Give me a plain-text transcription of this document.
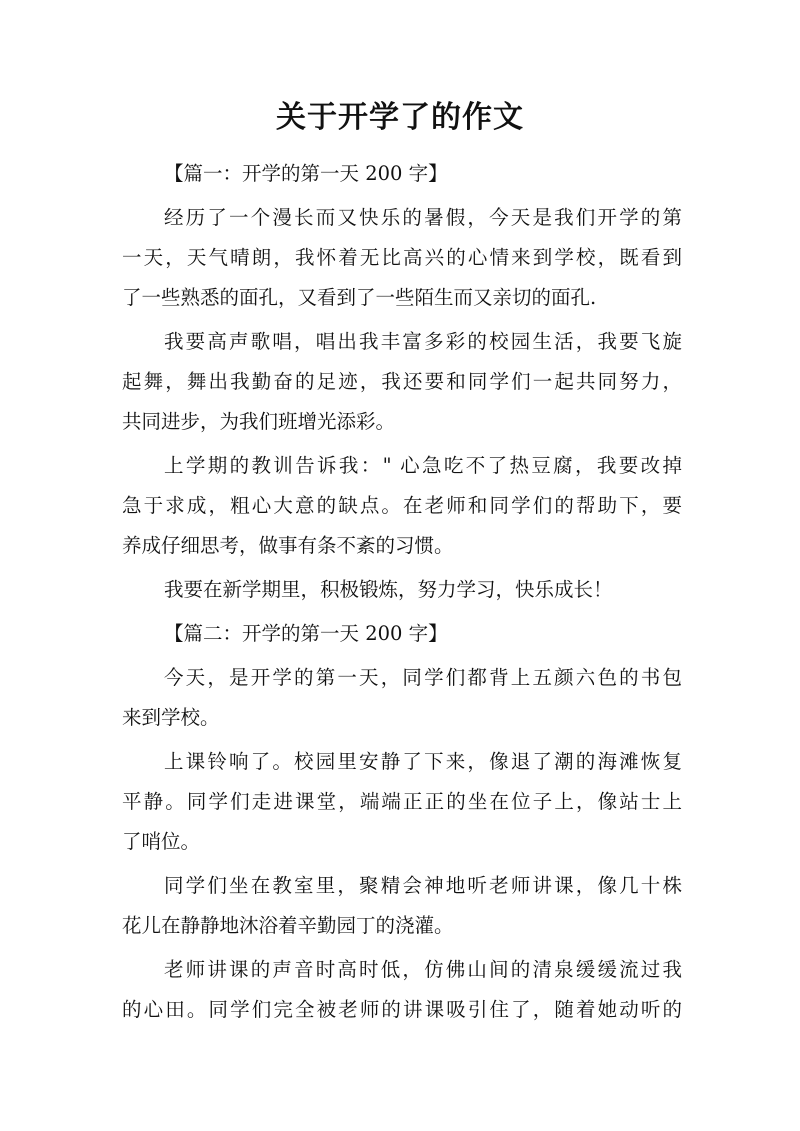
关于开学了的作文
【篇一：开学的第一天 200 字】
经历了一个漫长而又快乐的暑假，今天是我们开学的第
一天，天气晴朗，我怀着无比高兴的心情来到学校，既看到
了一些熟悉的面孔，又看到了一些陌生而又亲切的面孔.
我要高声歌唱，唱出我丰富多彩的校园生活，我要飞旋
起舞，舞出我勤奋的足迹，我还要和同学们一起共同努力，
共同进步，为我们班增光添彩。
上学期的教训告诉我：" 心急吃不了热豆腐，我要改掉
急于求成，粗心大意的缺点。在老师和同学们的帮助下，要
养成仔细思考，做事有条不紊的习惯。
我要在新学期里，积极锻炼，努力学习，快乐成长！
【篇二：开学的第一天 200 字】
今天，是开学的第一天，同学们都背上五颜六色的书包
来到学校。
上课铃响了。校园里安静了下来，像退了潮的海滩恢复
平静。同学们走进课堂，端端正正的坐在位子上，像站士上
了哨位。
同学们坐在教室里，聚精会神地听老师讲课，像几十株
花儿在静静地沐浴着辛勤园丁的浇灌。
老师讲课的声音时高时低，仿佛山间的清泉缓缓流过我
的心田。同学们完全被老师的讲课吸引住了，随着她动听的
